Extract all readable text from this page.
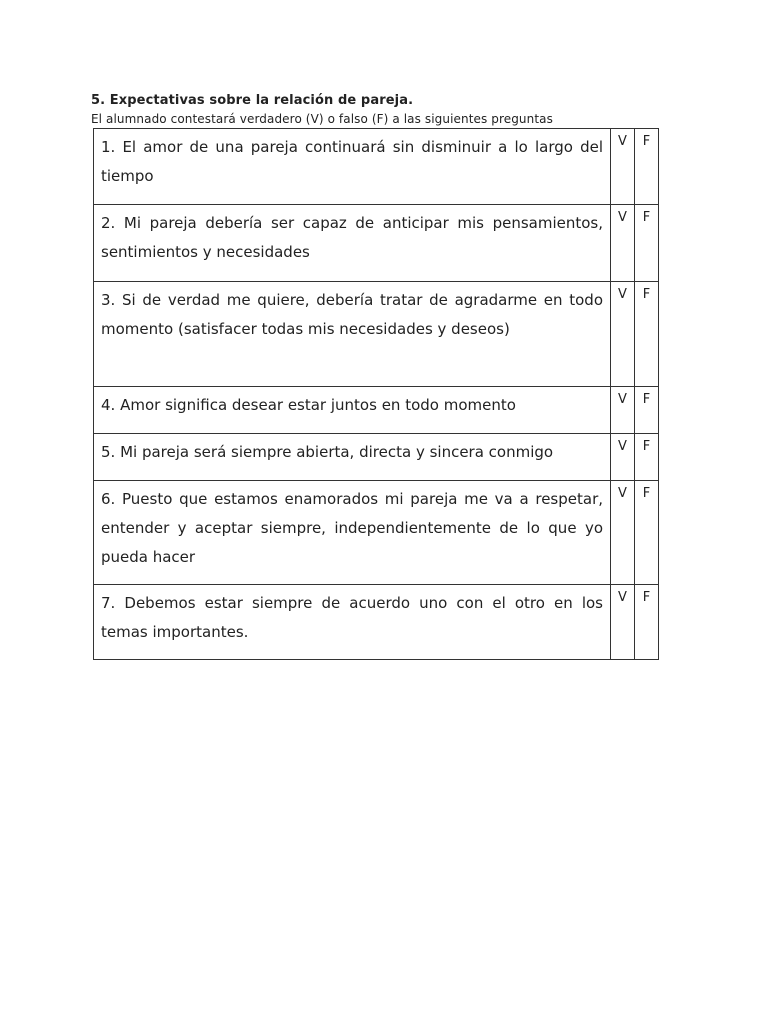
5. Expectativas sobre la relación de pareja.
El alumnado contestará verdadero (V) o falso (F) a las siguientes preguntas
1. El amor de una pareja continuará sin disminuir a lo largo del tiempo	V	F

2. Mi pareja debería ser capaz de anticipar mis pensamientos, sentimientos y necesidades	V	F

3. Si de verdad me quiere, debería tratar de agradarme en todo momento (satisfacer todas mis necesidades y deseos)	V	F

4. Amor significa desear estar juntos en todo momento	V	F

5. Mi pareja será siempre abierta, directa y sincera conmigo	V	F

6. Puesto que estamos enamorados mi pareja me va a respetar, entender y aceptar siempre, independientemente de lo que yo pueda hacer	V	F

7. Debemos estar siempre de acuerdo uno con el otro en los temas importantes.	V	F
